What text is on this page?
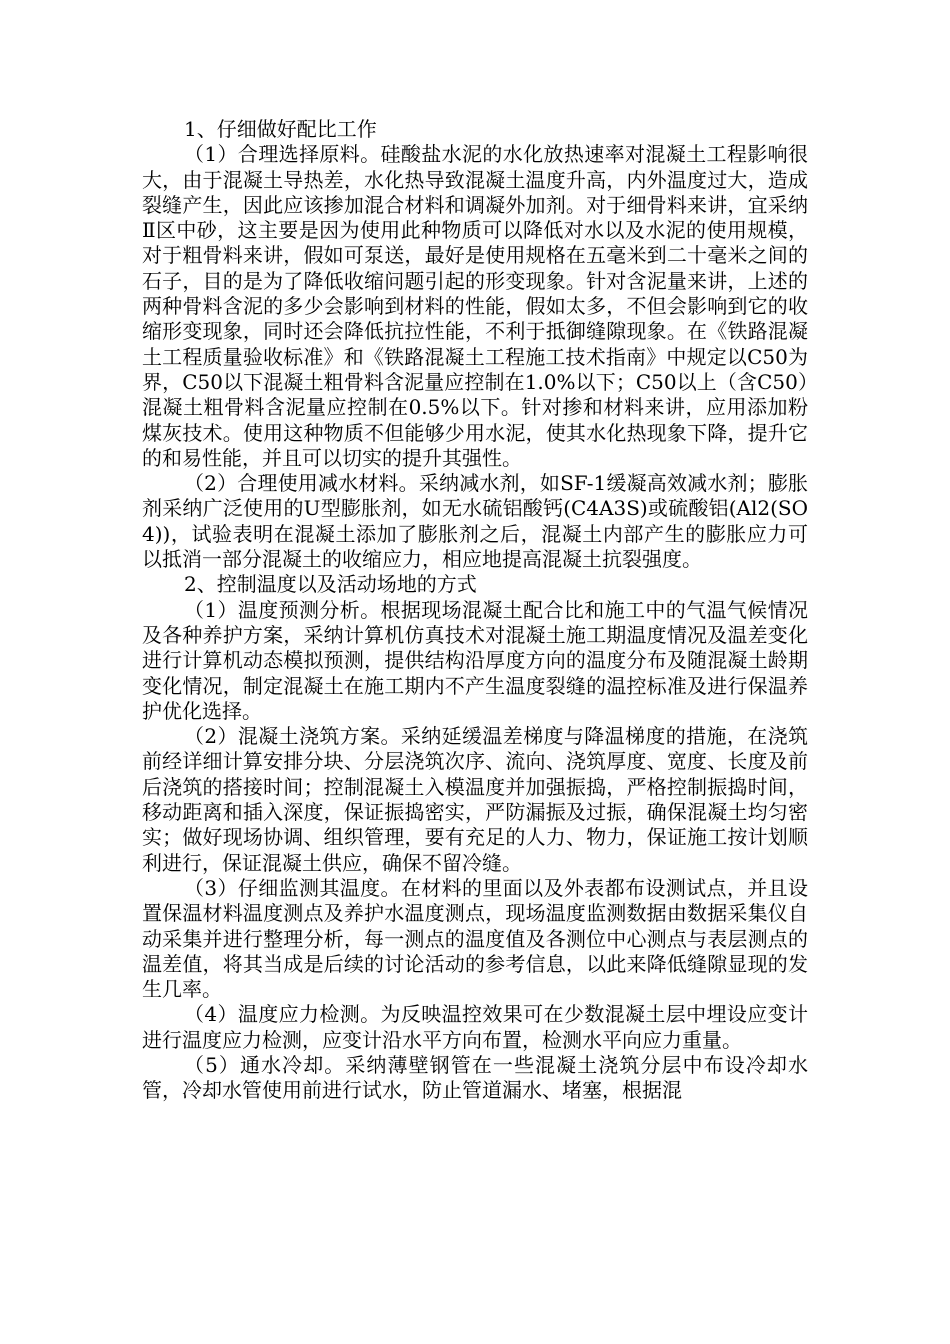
1、仔细做好配比工作

（1）合理选择原料。硅酸盐水泥的水化放热速率对混凝土工程影响很大，由于混凝土导热差，水化热导致混凝土温度升高，内外温度过大，造成裂缝产生，因此应该掺加混合材料和调凝外加剂。对于细骨料来讲，宜采纳Ⅱ区中砂，这主要是因为使用此种物质可以降低对水以及水泥的使用规模，对于粗骨料来讲，假如可泵送，最好是使用规格在五毫米到二十毫米之间的石子，目的是为了降低收缩问题引起的形变现象。针对含泥量来讲，上述的两种骨料含泥的多少会影响到材料的性能，假如太多，不但会影响到它的收缩形变现象，同时还会降低抗拉性能，不利于抵御缝隙现象。在《铁路混凝土工程质量验收标准》和《铁路混凝土工程施工技术指南》中规定以C50为界，C50以下混凝土粗骨料含泥量应控制在1.0%以下；C50以上（含C50）混凝土粗骨料含泥量应控制在0.5%以下。针对掺和材料来讲，应用添加粉煤灰技术。使用这种物质不但能够少用水泥，使其水化热现象下降，提升它的和易性能，并且可以切实的提升其强性。

（2）合理使用减水材料。采纳减水剂，如SF-1缓凝高效减水剂；膨胀剂采纳广泛使用的U型膨胀剂，如无水硫铝酸钙(C4A3S)或硫酸铝(Al2(SO4))，试验表明在混凝土添加了膨胀剂之后，混凝土内部产生的膨胀应力可以抵消一部分混凝土的收缩应力，相应地提高混凝土抗裂强度。

2、控制温度以及活动场地的方式

（1）温度预测分析。根据现场混凝土配合比和施工中的气温气候情况及各种养护方案，采纳计算机仿真技术对混凝土施工期温度情况及温差变化进行计算机动态模拟预测，提供结构沿厚度方向的温度分布及随混凝土龄期变化情况，制定混凝土在施工期内不产生温度裂缝的温控标准及进行保温养护优化选择。

（2）混凝土浇筑方案。采纳延缓温差梯度与降温梯度的措施，在浇筑前经详细计算安排分块、分层浇筑次序、流向、浇筑厚度、宽度、长度及前后浇筑的搭接时间；控制混凝土入模温度并加强振捣，严格控制振捣时间，移动距离和插入深度，保证振捣密实，严防漏振及过振，确保混凝土均匀密实；做好现场协调、组织管理，要有充足的人力、物力，保证施工按计划顺利进行，保证混凝土供应，确保不留冷缝。

（3）仔细监测其温度。在材料的里面以及外表都布设测试点，并且设置保温材料温度测点及养护水温度测点，现场温度监测数据由数据采集仪自动采集并进行整理分析，每一测点的温度值及各测位中心测点与表层测点的温差值，将其当成是后续的讨论活动的参考信息，以此来降低缝隙显现的发生几率。

（4）温度应力检测。为反映温控效果可在少数混凝土层中埋设应变计进行温度应力检测，应变计沿水平方向布置，检测水平向应力重量。

（5）通水冷却。采纳薄壁钢管在一些混凝土浇筑分层中布设冷却水管，冷却水管使用前进行试水，防止管道漏水、堵塞，根据混
